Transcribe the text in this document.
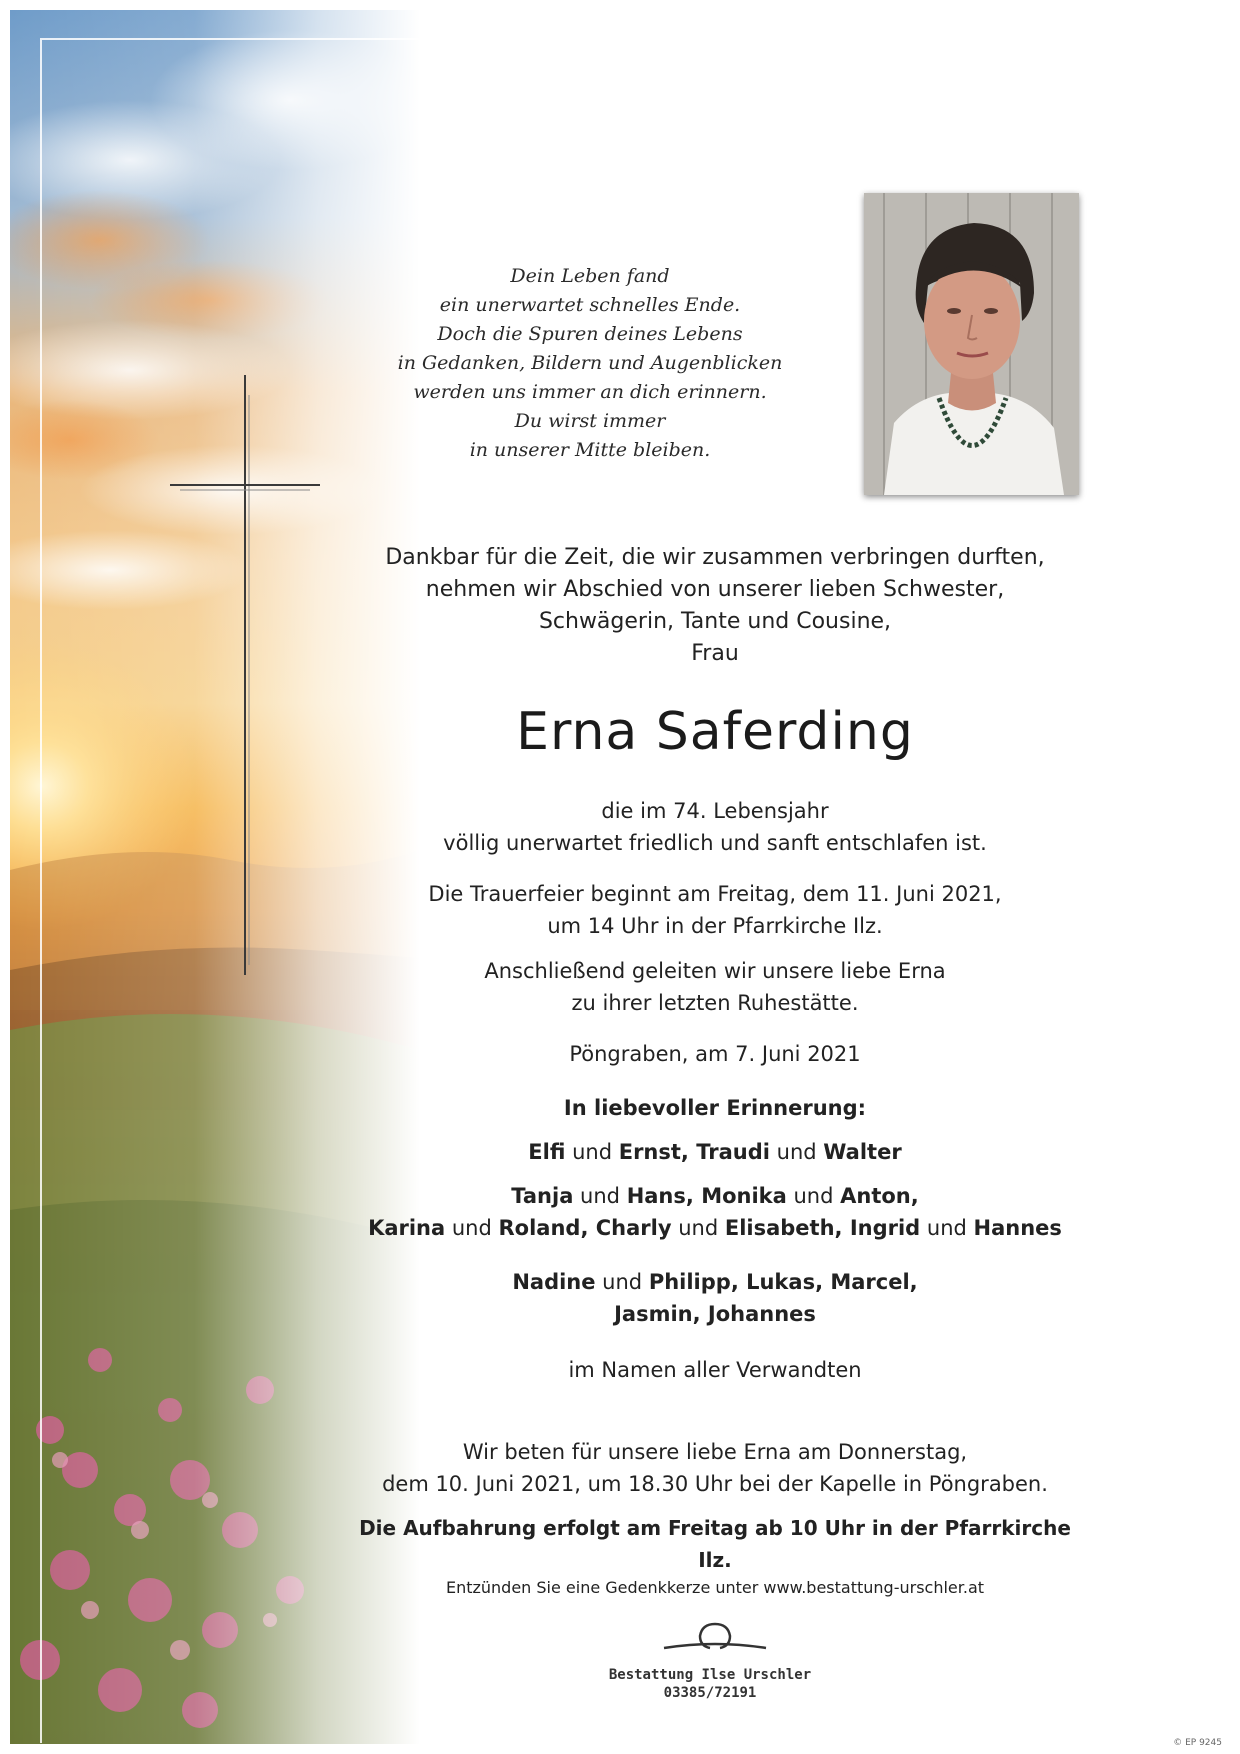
Dein Leben fand
ein unerwartet schnelles Ende.
Doch die Spuren deines Lebens
in Gedanken, Bildern und Augenblicken
werden uns immer an dich erinnern.
Du wirst immer
in unserer Mitte bleiben.
Dankbar für die Zeit, die wir zusammen verbringen durften,
nehmen wir Abschied von unserer lieben Schwester,
Schwägerin, Tante und Cousine,
Frau
Erna Saferding
die im 74. Lebensjahr
völlig unerwartet friedlich und sanft entschlafen ist.
Die Trauerfeier beginnt am Freitag, dem 11. Juni 2021,
um 14 Uhr in der Pfarrkirche Ilz.
Anschließend geleiten wir unsere liebe Erna
zu ihrer letzten Ruhestätte.
Pöngraben, am 7. Juni 2021
In liebevoller Erinnerung:
Elfi und Ernst, Traudi und Walter
Tanja und Hans, Monika und Anton,
Karina und Roland, Charly und Elisabeth, Ingrid und Hannes
Nadine und Philipp, Lukas, Marcel,
Jasmin, Johannes
im Namen aller Verwandten
Wir beten für unsere liebe Erna am Donnerstag,
dem 10. Juni 2021, um 18.30 Uhr bei der Kapelle in Pöngraben.
Die Aufbahrung erfolgt am Freitag ab 10 Uhr in der Pfarrkirche Ilz.
Entzünden Sie eine Gedenkkerze unter www.bestattung-urschler.at
Bestattung Ilse Urschler
03385/72191
© EP 9245
